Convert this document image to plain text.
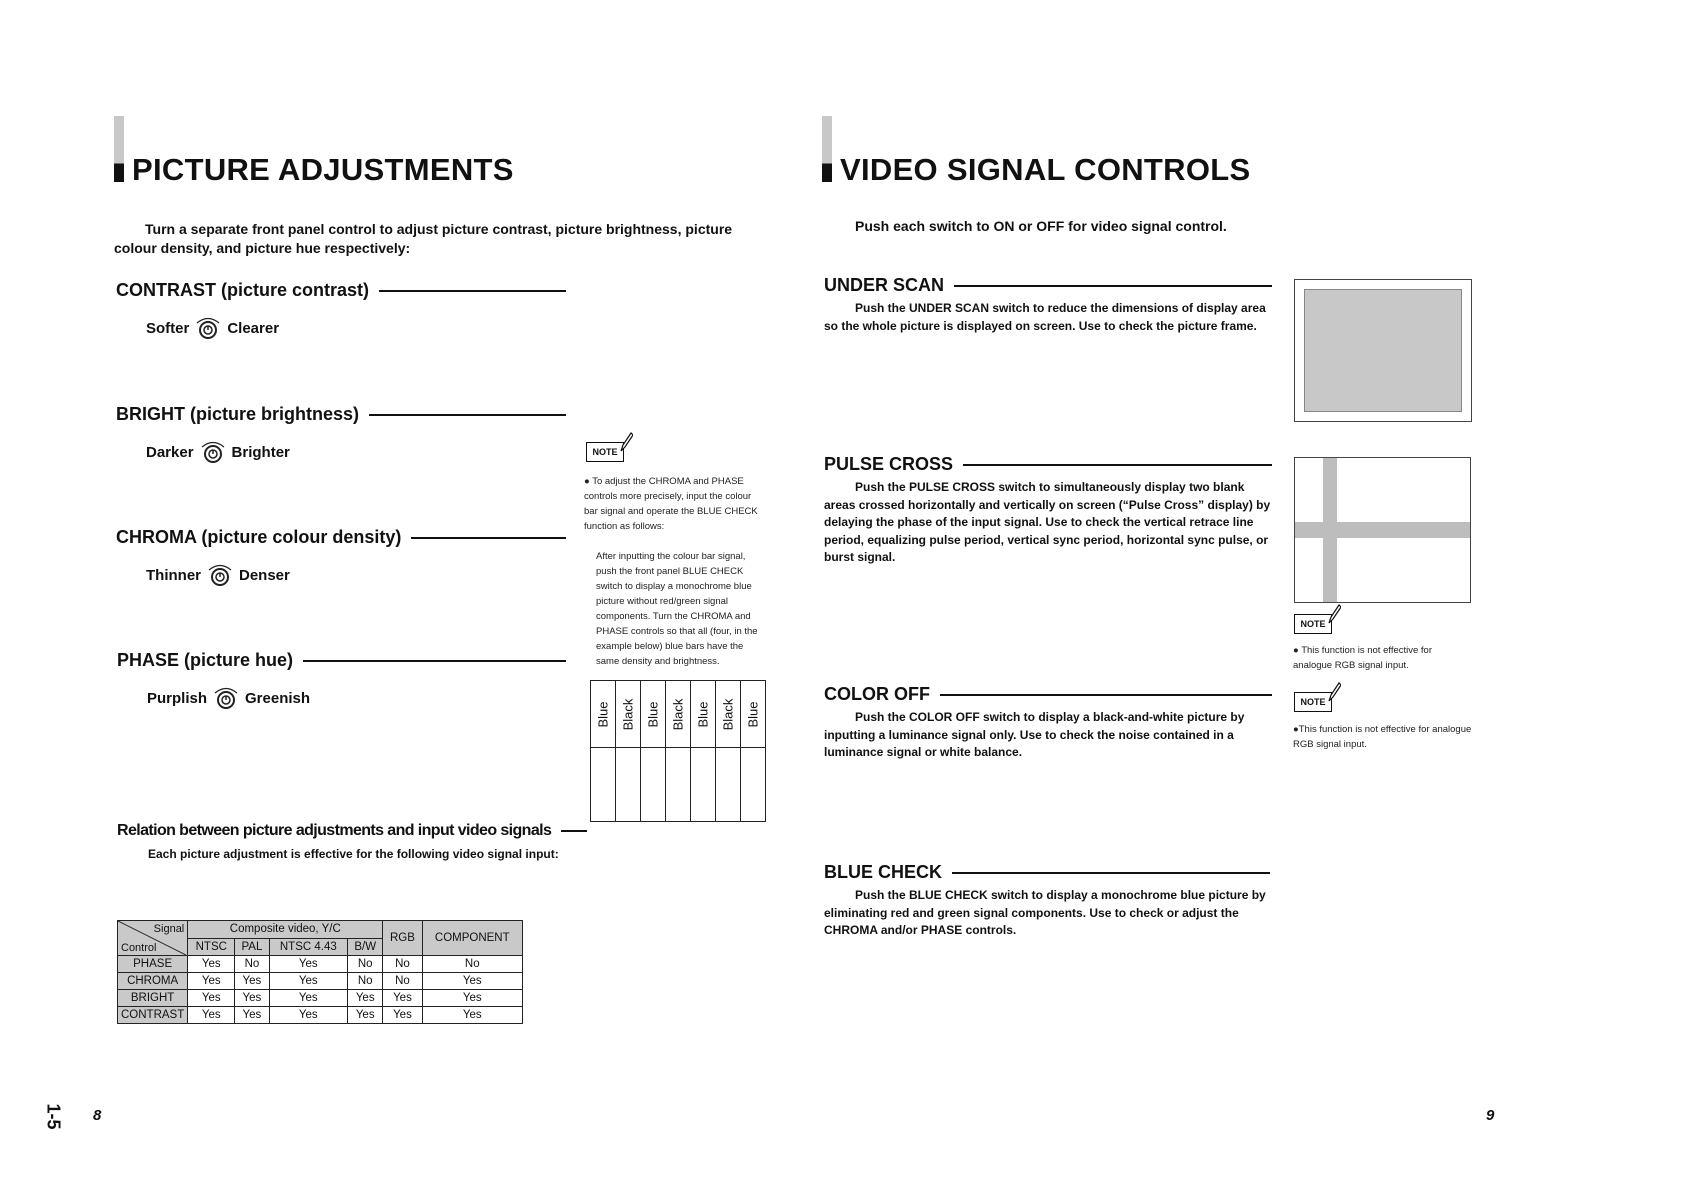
PICTURE ADJUSTMENTS
Turn a separate front panel control to adjust picture contrast, picture brightness, picture colour density, and picture hue respectively:
CONTRAST (picture contrast)
Softer	Clearer
BRIGHT (picture brightness)
Darker	Brighter
CHROMA (picture colour density)
Thinner	Denser
PHASE (picture hue)
Purplish	Greenish
NOTE
● To adjust the CHROMA and PHASE controls more precisely, input the colour bar signal and operate the BLUE CHECK function as follows:
After inputting the colour bar signal, push the front panel BLUE CHECK switch to display a monochrome blue picture without red/green signal components. Turn the CHROMA and PHASE controls so that all (four, in the example below) blue bars have the same density and brightness.
Blue Black Blue Black Blue Black Blue
Relation between picture adjustments and input video signals
Each picture adjustment is effective for the following video signal input:
Signal
Control	Composite video, Y/C				RGB	COMPONENT
	NTSC	PAL	NTSC 4.43	B/W		
PHASE	Yes	No	Yes	No	No	No
CHROMA	Yes	Yes	Yes	No	No	Yes
BRIGHT	Yes	Yes	Yes	Yes	Yes	Yes
CONTRAST	Yes	Yes	Yes	Yes	Yes	Yes
1-5 8
VIDEO SIGNAL CONTROLS
Push each switch to ON or OFF for video signal control.
UNDER SCAN
Push the UNDER SCAN switch to reduce the dimensions of display area so the whole picture is displayed on screen. Use to check the picture frame.
PULSE CROSS
Push the PULSE CROSS switch to simultaneously display two blank areas crossed horizontally and vertically on screen (“Pulse Cross” display) by delaying the phase of the input signal. Use to check the vertical retrace line period, equalizing pulse period, vertical sync period, horizontal sync pulse, or burst signal.
NOTE
● This function is not effective for analogue RGB signal input.
COLOR OFF
Push the COLOR OFF switch to display a black-and-white picture by inputting a luminance signal only. Use to check the noise contained in a luminance signal or white balance.
NOTE
●This function is not effective for analogue RGB signal input.
BLUE CHECK
Push the BLUE CHECK switch to display a monochrome blue picture by eliminating red and green signal components. Use to check or adjust the CHROMA and/or PHASE controls.
9
